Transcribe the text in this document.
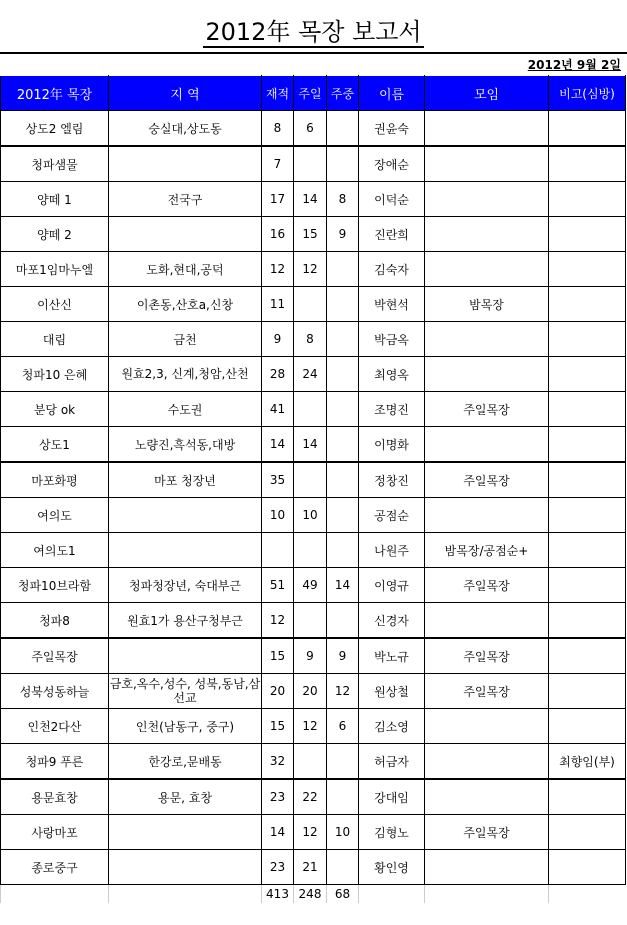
2012年 목장 보고서
2012년 9월 2일
2012年 목장	지 역	재적	주일	주중	이름	모임	비고(심방)
상도2 엘림	숭실대,상도동	8	6		권윤숙		
청파샘물		7			장애순		
양떼 1	전국구	17	14	8	이덕순		
양떼 2		16	15	9	진란희		
마포1임마누엘	도화,현대,공덕	12	12		김숙자		
이산신	이촌동,산호a,신창	11			박현석	밤목장	
대림	금천	9	8		박금옥		
청파10 은혜	원효2,3, 신계,청암,산천	28	24		최영옥		
분당 ok	수도권	41			조명진	주일목장	
상도1	노량진,흑석동,대방	14	14		이명화		
마포화평	마포 청장년	35			정창진	주일목장	
여의도		10	10		공점순		
여의도1					나원주	밤목장/공점순+	
청파10브라함	청파청장년, 숙대부근	51	49	14	이영규	주일목장	
청파8	원효1가 용산구청부근	12			신경자		
주일목장		15	9	9	박노규	주일목장	
성북성동하늘	금호,옥수,성수, 성북,동남,삼선교	20	20	12	원상철	주일목장	
인천2다산	인천(남동구, 중구)	15	12	6	김소영		
청파9 푸른	한강로,문배동	32			허금자		최향임(부)
용문효창	용문, 효창	23	22		강대임		
사랑마포		14	12	10	김형노	주일목장	
종로중구		23	21		황인영		
		413	248	68			
